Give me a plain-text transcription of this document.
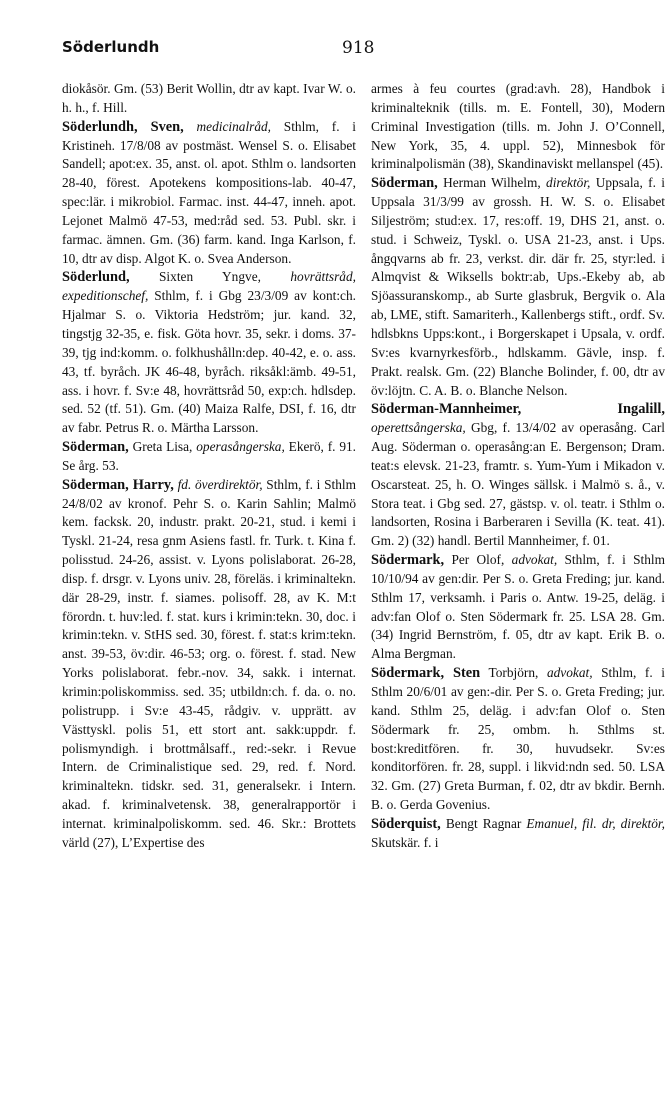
Söderlundh	918

diokåsör. Gm. (53) Berit Wollin, dtr av kapt. Ivar W. o. h. h., f. Hill.

Söderlundh, Sven, medicinalråd, Sthlm, f. i Kristineh. 17/8/08 av postmäst. Wensel S. o. Elisabet Sandell; apot:ex. 35, anst. ol. apot. Sthlm o. landsorten 28-40, förest. Apotekens kompositions-lab. 40-47, spec:lär. i mikrobiol. Farmac. inst. 44-47, inneh. apot. Lejonet Malmö 47-53, med:råd sed. 53. Publ. skr. i farmac. ämnen. Gm. (36) farm. kand. Inga Karlson, f. 10, dtr av disp. Algot K. o. Svea Anderson.

Söderlund, Sixten Yngve, hovrättsråd, expeditionschef, Sthlm, f. i Gbg 23/3/09 av kont:ch. Hjalmar S. o. Viktoria Hedström; jur. kand. 32, tingstjg 32-35, e. fisk. Göta hovr. 35, sekr. i doms. 37-39, tjg ind:komm. o. folkhushålln:dep. 40-42, e. o. ass. 43, tf. byråch. JK 46-48, byråch. riksåkl:ämb. 49-51, ass. i hovr. f. Sv:e 48, hovrättsråd 50, exp:ch. hdlsdep. sed. 52 (tf. 51). Gm. (40) Maiza Ralfe, DSI, f. 16, dtr av fabr. Petrus R. o. Märtha Larsson.

Söderman, Greta Lisa, operasångerska, Ekerö, f. 91. Se årg. 53.

Söderman, Harry, fd. överdirektör, Sthlm, f. i Sthlm 24/8/02 av kronof. Pehr S. o. Karin Sahlin; Malmö kem. facksk. 20, industr. prakt. 20-21, stud. i kemi i Tyskl. 21-24, resa gnm Asiens fastl. fr. Turk. t. Kina f. polisstud. 24-26, assist. v. Lyons polislaborat. 26-28, disp. f. drsgr. v. Lyons univ. 28, föreläs. i kriminaltekn. där 28-29, instr. f. siames. polisoff. 28, av K. M:t förordn. t. huv:led. f. stat. kurs i krimin:tekn. 30, doc. i krimin:tekn. v. StHS sed. 30, förest. f. stat:s krim:tekn. anst. 39-53, öv:dir. 46-53; org. o. förest. f. stad. New Yorks polislaborat. febr.-nov. 34, sakk. i internat. krimin:poliskommiss. sed. 35; utbildn:ch. f. da. o. no. polistrupp. i Sv:e 43-45, rådgiv. v. upprätt. av Västtyskl. polis 51, ett stort ant. sakk:uppdr. f. polismyndigh. i brottmålsaff., red:-sekr. i Revue Intern. de Criminalistique sed. 29, red. f. Nord. kriminaltekn. tidskr. sed. 31, generalsekr. i Intern. akad. f. kriminalvetensk. 38, generalrapportör i internat. kriminalpoliskomm. sed. 46. Skr.: Brottets värld (27), L’Expertise des

armes à feu courtes (grad:avh. 28), Handbok i kriminalteknik (tills. m. E. Fontell, 30), Modern Criminal Investigation (tills. m. John J. O’Connell, New York, 35, 4. uppl. 52), Minnesbok för kriminalpolismän (38), Skandinaviskt mellanspel (45).

Söderman, Herman Wilhelm, direktör, Uppsala, f. i Uppsala 31/3/99 av grossh. H. W. S. o. Elisabet Siljeström; stud:ex. 17, res:off. 19, DHS 21, anst. o. stud. i Schweiz, Tyskl. o. USA 21-23, anst. i Ups. ångqvarns ab fr. 23, verkst. dir. där fr. 25, styr:led. i Almqvist & Wiksells boktr:ab, Ups.-Ekeby ab, ab Sjöassuranskomp., ab Surte glasbruk, Bergvik o. Ala ab, LME, stift. Samariterh., Kallenbergs stift., ordf. Sv. hdlsbkns Upps:kont., i Borgerskapet i Upsala, v. ordf. Sv:es kvarnyrkesförb., hdlskamm. Gävle, insp. f. Prakt. realsk. Gm. (22) Blanche Bolinder, f. 00, dtr av öv:löjtn. C. A. B. o. Blanche Nelson.

Söderman-Mannheimer, Ingalill, operettsångerska, Gbg, f. 13/4/02 av operasång. Carl Aug. Söderman o. operasång:an E. Bergenson; Dram. teat:s elevsk. 21-23, framtr. s. Yum-Yum i Mikadon v. Oscarsteat. 25, h. O. Winges sällsk. i Malmö s. å., v. Stora teat. i Gbg sed. 27, gästsp. v. ol. teatr. i Sthlm o. landsorten, Rosina i Barberaren i Sevilla (K. teat. 41). Gm. 2) (32) handl. Bertil Mannheimer, f. 01.

Södermark, Per Olof, advokat, Sthlm, f. i Sthlm 10/10/94 av gen:dir. Per S. o. Greta Freding; jur. kand. Sthlm 17, verksamh. i Paris o. Antw. 19-25, deläg. i adv:fan Olof o. Sten Södermark fr. 25. LSA 28. Gm. (34) Ingrid Bernström, f. 05, dtr av kapt. Erik B. o. Alma Bergman.

Södermark, Sten Torbjörn, advokat, Sthlm, f. i Sthlm 20/6/01 av gen:-dir. Per S. o. Greta Freding; jur. kand. Sthlm 25, deläg. i adv:fan Olof o. Sten Södermark fr. 25, ombm. h. Sthlms st. bost:kreditfören. fr. 30, huvudsekr. Sv:es konditorfören. fr. 28, suppl. i likvid:ndn sed. 50. LSA 32. Gm. (27) Greta Burman, f. 02, dtr av bkdir. Bernh. B. o. Gerda Govenius.

Söderquist, Bengt Ragnar Emanuel, fil. dr, direktör, Skutskär. f. i
